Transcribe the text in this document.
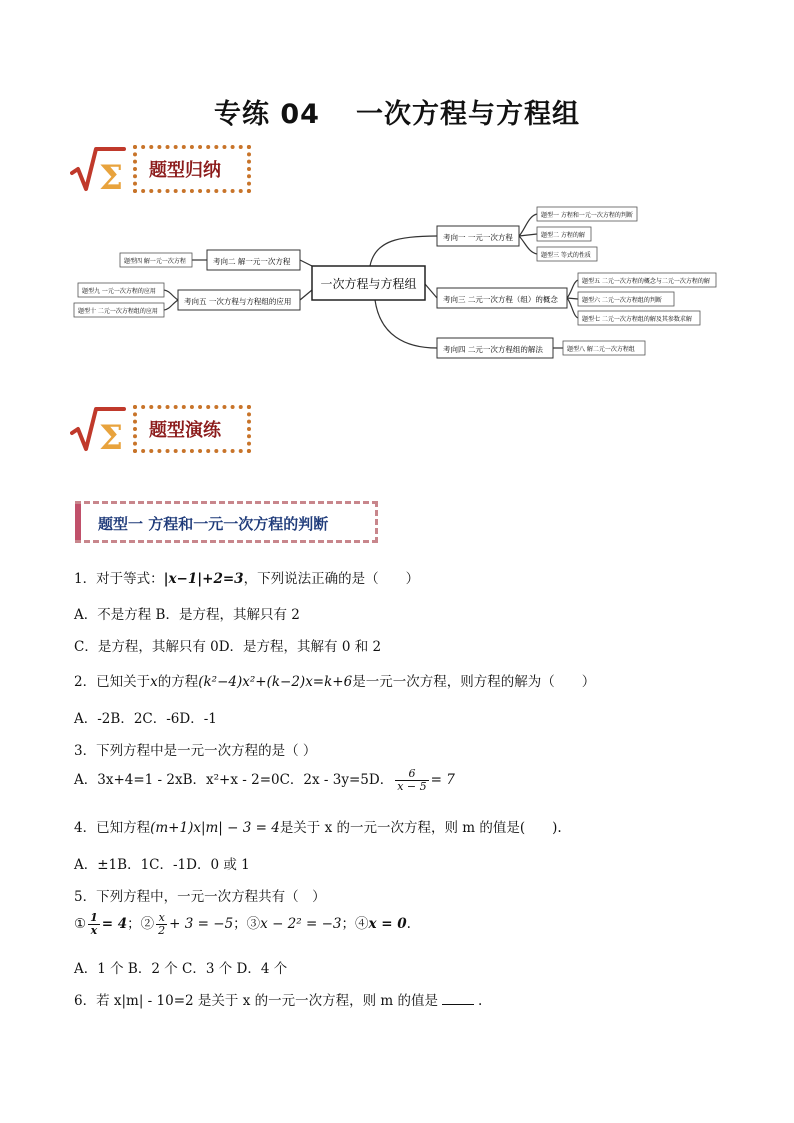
专练 04 一次方程与方程组
Σ	题型归纳
一次方程与方程组
考向一 一元一次方程
考向三 二元一次方程（组）的概念
考向四 二元一次方程组的解法
题型一 方程和一元一次方程的判断
题型二 方程的解
题型三 等式的性质
题型五 二元一次方程的概念与二元一次方程的解
题型六 二元一次方程组的判断
题型七 二元一次方程组的解及其参数求解
题型八 解二元一次方程组
考向二 解一元一次方程
考向五 一次方程与方程组的应用
题型四 解一元一次方程
题型九 一元一次方程的应用
题型十 二元一次方程组的应用
Σ	题型演练
题型一 方程和一元一次方程的判断
1．对于等式：|x−1|+2=3，下列说法正确的是（　　）
A．不是方程 B．是方程，其解只有 2
C．是方程，其解只有 0D．是方程，其解有 0 和 2
2．已知关于x的方程(k²−4)x²+(k−2)x=k+6是一元一次方程，则方程的解为（　　）
A．-2B．2C．-6D．-1
3．下列方程中是一元一次方程的是（ ）
A．3x+4=1 - 2xB．x²+x - 2=0C．2x - 3y=5D． $\frac{6}{x - 5} = 7$
4．已知方程(m+1)x|m| − 3 = 4是关于 x 的一元一次方程，则 m 的值是(　　).
A．±1B．1C．-1D．0 或 1
5．下列方程中，一元一次方程共有（　）
① $\frac{1}{x} = 4$；② $\frac{x}{2} + 3 = -5$；③x − 2² = −3；④x = 0.
A．1 个 B．2 个 C．3 个 D．4 个
6．若 x|m| - 10=2 是关于 x 的一元一次方程，则 m 的值是	.
